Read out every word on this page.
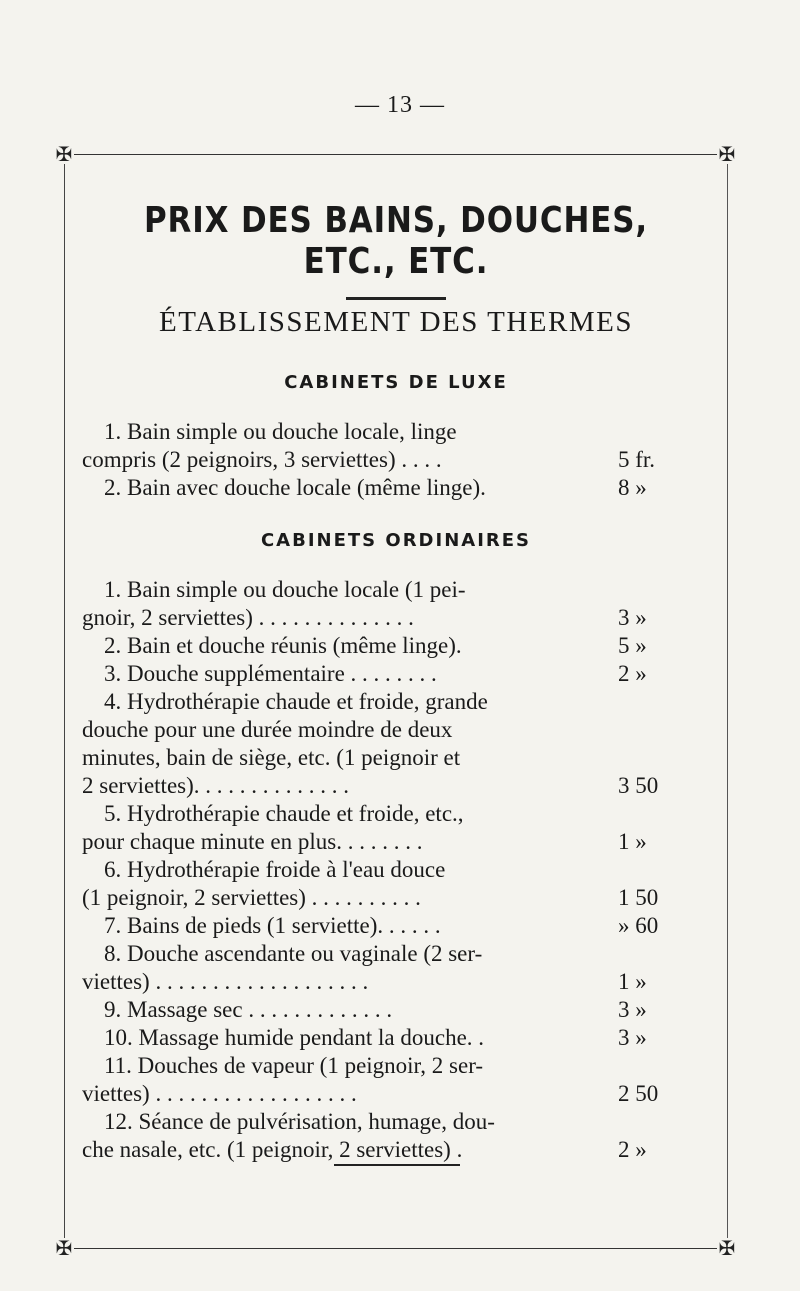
— 13 —
✠	✠
✠	✠
PRIX DES BAINS, DOUCHES, ETC., ETC.
ÉTABLISSEMENT DES THERMES
CABINETS DE LUXE
1. Bain simple ou douche locale, linge
compris (2 peignoirs, 3 serviettes) . . . .	5 fr.
2. Bain avec douche locale (même linge).	8 »
CABINETS ORDINAIRES
1. Bain simple ou douche locale (1 pei-
gnoir, 2 serviettes) . . . . . . . . . . . . . .	3 »
2. Bain et douche réunis (même linge).	5 »
3. Douche supplémentaire . . . . . . . .	2 »
4. Hydrothérapie chaude et froide, grande
douche pour une durée moindre de deux
minutes, bain de siège, etc. (1 peignoir et
2 serviettes). . . . . . . . . . . . . .	3 50
5. Hydrothérapie chaude et froide, etc.,
pour chaque minute en plus. . . . . . . .	1 »
6. Hydrothérapie froide à l'eau douce
(1 peignoir, 2 serviettes) . . . . . . . . . .	1 50
7. Bains de pieds (1 serviette). . . . . .	» 60
8. Douche ascendante ou vaginale (2 ser-
viettes) . . . . . . . . . . . . . . . . . . .	1 »
9. Massage sec . . . . . . . . . . . . .	3 »
10. Massage humide pendant la douche. .	3 »
11. Douches de vapeur (1 peignoir, 2 ser-
viettes) . . . . . . . . . . . . . . . . . .	2 50
12. Séance de pulvérisation, humage, dou-
che nasale, etc. (1 peignoir, 2 serviettes) .	2 »
